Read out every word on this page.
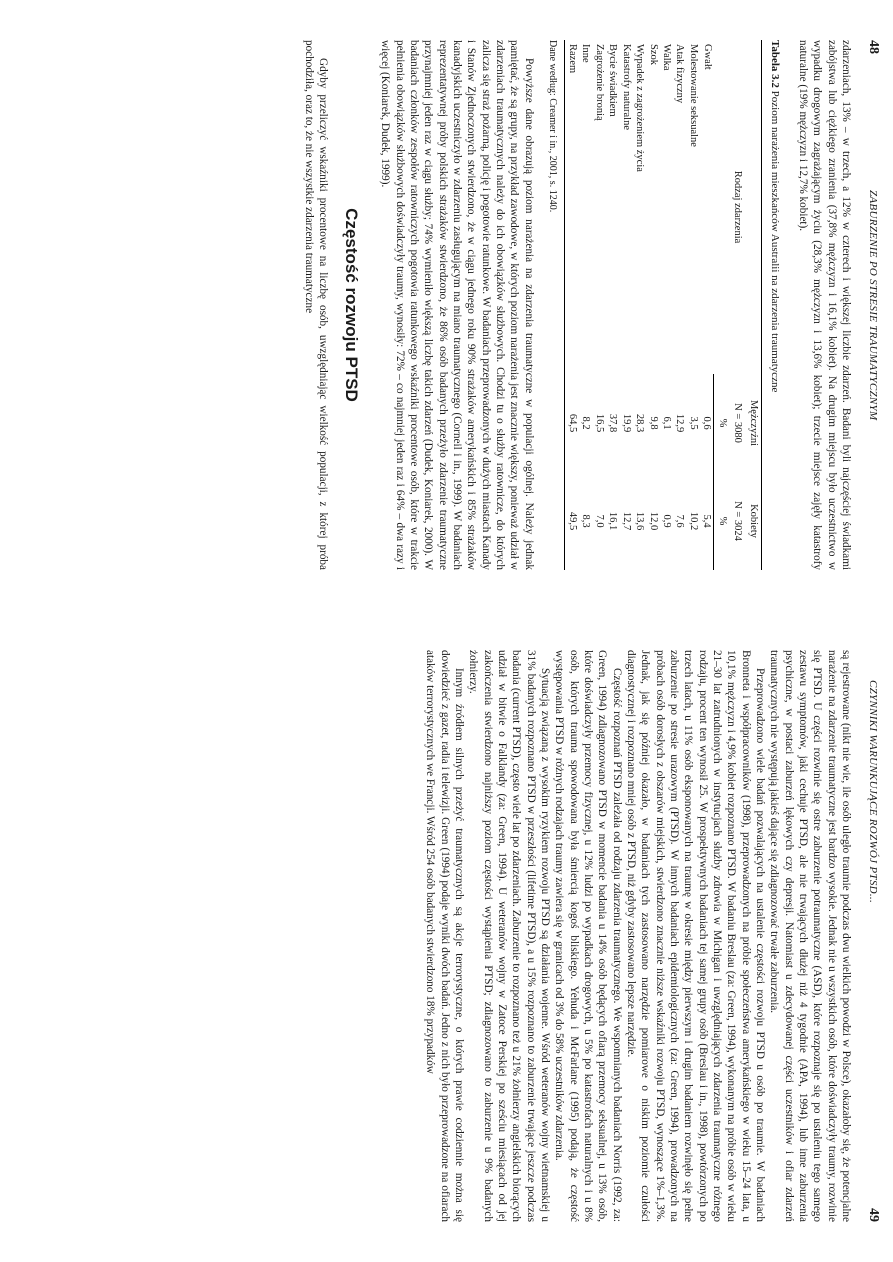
48
ZABURZENIE PO STRESIE TRAUMATYCZNYM

zdarzeniach, 13% – w trzech, a 12% w czterech i większej liczbie zdarzeń. Badani byli najczęściej świadkami zabójstwa lub ciężkiego zranienia (37,8% mężczyzn i 16,1% kobiet). Na drugim miejscu było uczestnictwo w wypadku drogowym zagrażającym życiu (28,3% mężczyzn i 13,6% kobiet); trzecie miejsce zajęły katastrofy naturalne (19% mężczyzn i 12,7% kobiet).

Tabela 3.2 Poziom narażenia mieszkańców Australii na zdarzenia traumatyczne
Rodzaj zdarzenia	Mężczyźni	Kobiety
	N = 3080	N = 3024
	%	%
Gwałt	0,6	5,4
Molestowanie seksualne	3,5	10,2
Atak fizyczny	12,9	7,6
Walka	6,1	0,9
Szok	9,8	12,0
Wypadek z zagrożeniem życia	28,3	13,6
Katastrofy naturalne	19,9	12,7
Bycie świadkiem	37,8	16,1
Zagrożenie bronią	16,5	7,0
Inne	8,2	8,3
Razem	64,5	49,5
Dane według: Creamer i in., 2001, s. 1240.

Powyższe dane obrazują poziom narażenia na zdarzenia traumatyczne w populacji ogólnej. Należy jednak pamiętać, że są grupy, na przykład zawodowe, w których poziom narażenia jest znacznie większy, ponieważ udział w zdarzeniach traumatycznych należy do ich obowiązków służbowych. Chodzi tu o służby ratownicze, do których zalicza się straż pożarną, policję i pogotowie ratunkowe. W badaniach przeprowadzonych w dużych miastach Kanady i Stanów Zjednoczonych stwierdzono, że w ciągu jednego roku 90% strażaków amerykańskich i 85% strażaków kanadyjskich uczestniczyło w zdarzeniu zasługującym na miano traumatycznego (Corneil i in., 1999). W badaniach reprezentatywnej próby polskich strażaków stwierdzono, że 86% osób badanych przeżyło zdarzenie traumatyczne przynajmniej jeden raz w ciągu służby; 74% wymieniło większą liczbę takich zdarzeń (Dudek, Koniarek, 2000). W badaniach członków zespołów ratowniczych pogotowia ratunkowego wskaźniki procentowe osób, które w trakcie pełnienia obowiązków służbowych doświadczyły traumy, wynosiły: 72% – co najmniej jeden raz i 64% – dwa razy i więcej (Koniarek, Dudek, 1999).

Częstość rozwoju PTSD

Gdyby przeliczyć wskaźniki procentowe na liczbę osób, uwzględniając wielkość populacji, z której próba pochodziła, oraz to, że nie wszystkie zdarzenia traumatyczne

CZYNNIKI WARUNKUJĄCE ROZWÓJ PTSD...
49

są rejestrowane (nikt nie wie, ile osób uległo traumie podczas dwu wielkich powodzi w Polsce), okazałoby się, że potencjalne narażenie na zdarzenie traumatyczne jest bardzo wysokie. Jednak nie u wszystkich osób, które doświadczyły traumy, rozwinie się PTSD. U części rozwinie się ostre zaburzenie potraumatyczne (ASD), które rozpoznaje się po ustaleniu tego samego zestawu symptomów, jaki cechuje PTSD, ale nie trwających dłużej niż 4 tygodnie (APA, 1994), lub inne zaburzenia psychiczne, w postaci zaburzeń lękowych czy depresji. Natomiast u zdecydowanej części uczestników i ofiar zdarzeń traumatycznych nie występują jakieś dające się zdiagnozować trwałe zaburzenia.

Przeprowadzono wiele badań pozwalających na ustalenie częstości rozwoju PTSD u osób po traumie. W badaniach Bronneta i współpracowników (1998), przeprowadzonych na próbie społeczeństwa amerykańskiego w wieku 15–24 lata, u 10,1% mężczyzn i 4,9% kobiet rozpoznano PTSD. W badaniu Breslau (za: Green, 1994), wykonanym na próbie osób w wieku 21–30 lat zatrudnionych w instytucjach służby zdrowia w Michigan i uwzględniających zdarzenia traumatyczne różnego rodzaju, procent ten wynosił 25. W prospektywnych badaniach tej samej grupy osób (Breslau i in., 1998), powtórzonych po trzech latach, u 11% osób eksponowanych na traumę w okresie między pierwszym i drugim badaniem rozwinęło się pełne zaburzenie po stresie urazowym (PTSD). W innych badaniach epidemiologicznych (za: Green, 1994), prowadzonych na próbach osób dorosłych z obszarów miejskich, stwierdzono znacznie niższe wskaźniki rozwoju PTSD, wynoszące 1%–1,3%. Jednak, jak się później okazało, w badaniach tych zastosowano narzędzie pomiarowe o niskim poziomie czułości diagnostycznej i rozpoznano mniej osób z PTSD, niż gdyby zastosowano lepsze narzędzie.

Częstość rozpoznań PTSD zależała od rodzaju zdarzenia traumatycznego. We wspomnianych badaniach Norris (1992, za: Green, 1994) zdiagnozowano PTSD w momencie badania u 14% osób będących ofiarą przemocy seksualnej, u 13% osób, które doświadczyły przemocy fizycznej, u 12% ludzi po wypadkach drogowych, u 5% po katastrofach naturalnych i u 8% osób, których trauma spowodowana była śmiercią kogoś bliskiego. Yehuda i McFarlane (1995) podają, że częstość występowania PTSD w różnych rodzajach traumy zawiera się w granicach od 3% do 58% uczestników zdarzenia.

Sytuacją związaną z wysokim ryzykiem rozwoju PTSD są działania wojenne. Wśród weteranów wojny wietnamskiej u 31% badanych rozpoznano PTSD w przeszłości (lifetime PTSD), a u 15% rozpoznano to zaburzenie trwające jeszcze podczas badania (current PTSD), często wiele lat po zdarzeniach. Zaburzenie to rozpoznano też u 21% żołnierzy angielskich biorących udział w bitwie o Falklandy (za: Green, 1994). U weteranów wojny w Zatoce Perskiej po sześciu miesiącach od jej zakończenia stwierdzono najniższy poziom częstości wystąpienia PTSD; zdiagnozowano to zaburzenie u 9% badanych żołnierzy.

Innym źródłem silnych przeżyć traumatycznych są akcje terrorystyczne, o których prawie codziennie można się dowiedzieć z gazet, radia i telewizji. Green (1994) podaje wyniki dwóch badań. Jedno z nich było przeprowadzone na ofiarach ataków terrorystycznych we Francji. Wśród 254 osób badanych stwierdzono 18% przypadków
